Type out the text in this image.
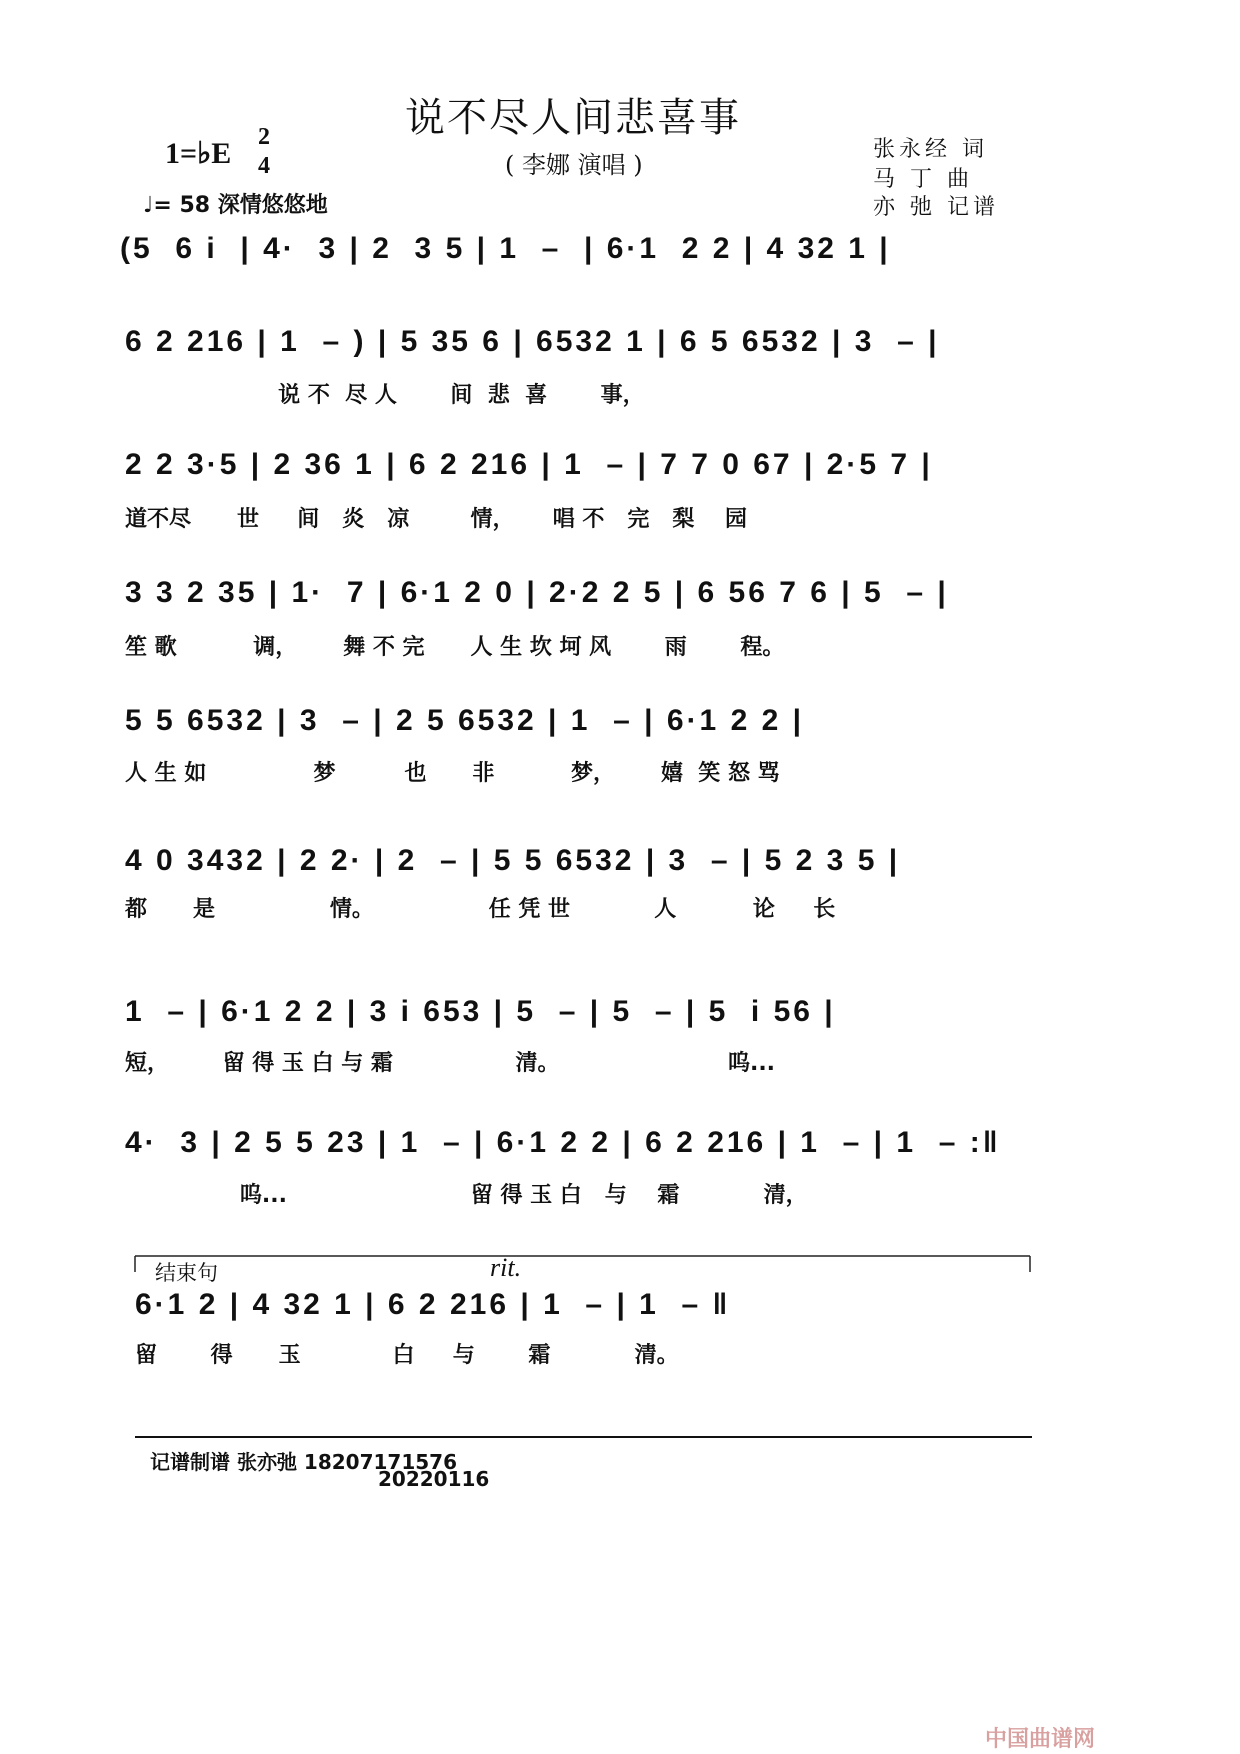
说不尽人间悲喜事
( 李娜 演唱 )
1=♭E 2
4
♩= 58 深情悠悠地
张永经 词
马 丁 曲
亦 弛 记谱
(5  6 i  | 4·  3 | 2  3 5 | 1  –  | 6·1  2 2 | 4 32 1 |
6 2 216 | 1  – ) | 5 35 6 | 6532 1 | 6 5 6532 | 3  – |
说 不  尽 人       间  悲  喜       事，
2 2 3·5 | 2 36 1 | 6 2 216 | 1  – | 7 7 0 67 | 2·5 7 |
道不尽      世     间   炎   凉        情，     唱 不   完   梨    园
3 3 2 35 | 1·  7 | 6·1 2 0 | 2·2 2 5 | 6 56 7 6 | 5  – |
笙 歌          调，      舞 不 完      人 生 坎 坷 风       雨       程。
5 5 6532 | 3  – | 2 5 6532 | 1  – | 6·1 2 2 |
人 生 如              梦         也      非          梦，      嬉  笑 怒 骂
4 0 3432 | 2 2· | 2  – | 5 5 6532 | 3  – | 5 2 3 5 |
都      是               情。               任 凭 世           人          论     长
1  – | 6·1 2 2 | 3 i 653 | 5  – | 5  – | 5  i 56 |
短，       留 得 玉 白 与 霜                清。                      呜...
4·  3 | 2 5 5 23 | 1  – | 6·1 2 2 | 6 2 216 | 1  – | 1  – :‖
呜...                        留 得 玉 白   与    霜           清，
结束句	rit.
6·1 2 | 4 32 1 | 6 2 216 | 1  – | 1  – ‖
留       得      玉            白     与       霜           清。
记谱制谱 张亦弛 18207171576
20220116
中国曲谱网
